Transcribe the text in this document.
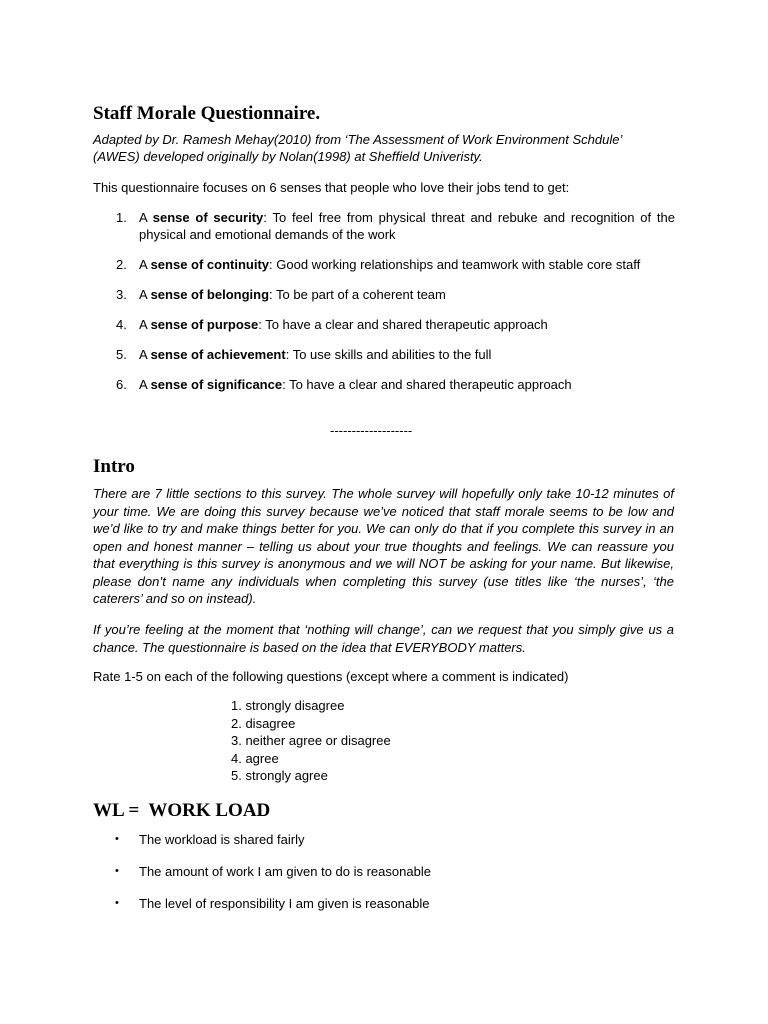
Staff Morale Questionnaire.

Adapted by Dr. Ramesh Mehay(2010) from ‘The Assessment of Work Environment Schdule’ (AWES) developed originally by Nolan(1998) at Sheffield Univeristy.

This questionnaire focuses on 6 senses that people who love their jobs tend to get:

1. A sense of security: To feel free from physical threat and rebuke and recognition of the physical and emotional demands of the work
2. A sense of continuity: Good working relationships and teamwork with stable core staff
3. A sense of belonging: To be part of a coherent team
4. A sense of purpose: To have a clear and shared therapeutic approach
5. A sense of achievement: To use skills and abilities to the full
6. A sense of significance: To have a clear and shared therapeutic approach

-------------------

Intro

There are 7 little sections to this survey. The whole survey will hopefully only take 10-12 minutes of your time. We are doing this survey because we’ve noticed that staff morale seems to be low and we’d like to try and make things better for you. We can only do that if you complete this survey in an open and honest manner – telling us about your true thoughts and feelings. We can reassure you that everything is this survey is anonymous and we will NOT be asking for your name. But likewise, please don’t name any individuals when completing this survey (use titles like ‘the nurses’, ‘the caterers’ and so on instead).

If you’re feeling at the moment that ‘nothing will change’, can we request that you simply give us a chance. The questionnaire is based on the idea that EVERYBODY matters.

Rate 1-5 on each of the following questions (except where a comment is indicated)

1. strongly disagree
2. disagree
3. neither agree or disagree
4. agree
5. strongly agree
WL =  WORK LOAD
• The workload is shared fairly
• The amount of work I am given to do is reasonable
• The level of responsibility I am given is reasonable
